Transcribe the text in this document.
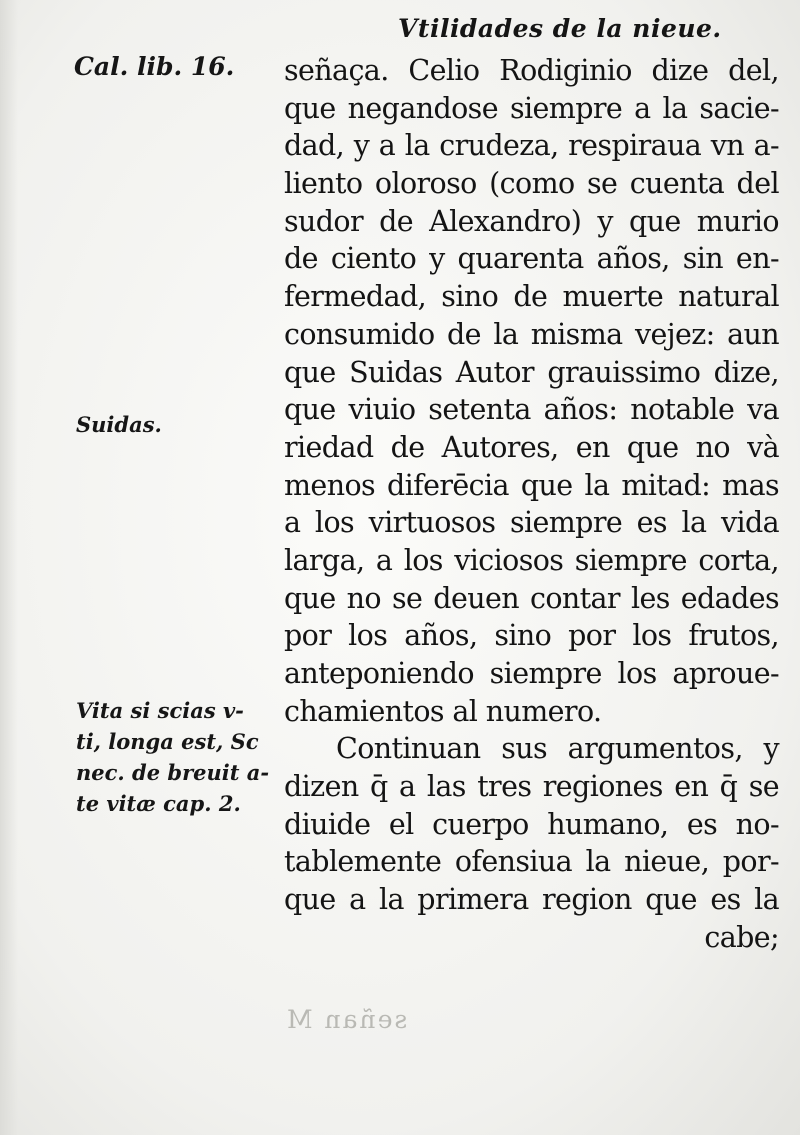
Vtilidades de la nieue.
Cal. lib. 16.
Suidas.
Vita si scias v-
ti, longa est, Sc
nec. de breuit a-
te vitæ cap. 2.
señaça. Celio Rodiginio dize del,
que negandose siempre a la sacie-
dad, y a la crudeza, respiraua vn a-
liento oloroso (como se cuenta del
sudor de Alexandro) y que murio
de ciento y quarenta años, sin en-
fermedad, sino de muerte natural
consumido de la misma vejez: aun
que Suidas Autor grauissimo dize,
que viuio setenta años: notable va
riedad de Autores, en que no và
menos diferēcia que la mitad: mas
a los virtuosos siempre es la vida
larga, a los viciosos siempre corta,
que no se deuen contar les edades
por los años, sino por los frutos,
anteponiendo siempre los aproue-
chamientos al numero.
Continuan sus argumentos, y
dizen q̄ a las tres regiones en q̄ se
diuide el cuerpo humano, es no-
tablemente ofensiua la nieue, por-
que a la primera region que es la
cabe;
señan M
